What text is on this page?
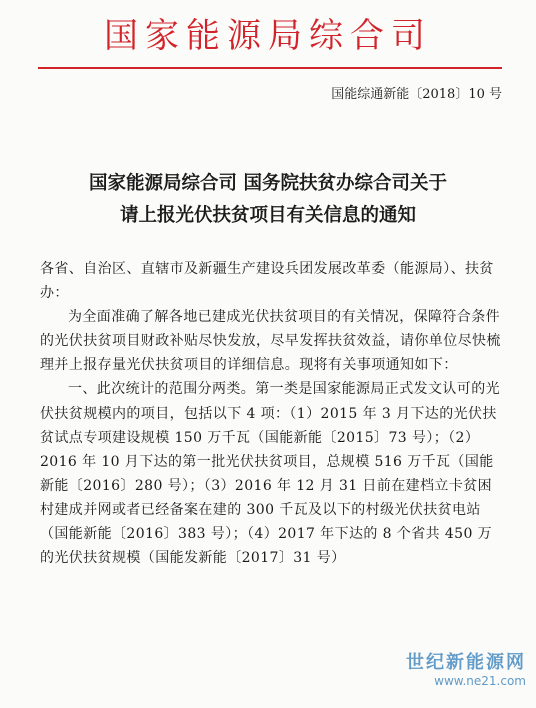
国家能源局综合司
国能综通新能〔2018〕10 号
国家能源局综合司 国务院扶贫办综合司关于
请上报光伏扶贫项目有关信息的通知

各省、自治区、直辖市及新疆生产建设兵团发展改革委（能源局）、扶贫办：

为全面准确了解各地已建成光伏扶贫项目的有关情况，保障符合条件的光伏扶贫项目财政补贴尽快发放，尽早发挥扶贫效益，请你单位尽快梳理并上报存量光伏扶贫项目的详细信息。现将有关事项通知如下：

一、此次统计的范围分两类。第一类是国家能源局正式发文认可的光伏扶贫规模内的项目，包括以下 4 项：（1）2015 年 3 月下达的光伏扶贫试点专项建设规模 150 万千瓦（国能新能〔2015〕73 号）；（2）2016 年 10 月下达的第一批光伏扶贫项目，总规模 516 万千瓦（国能新能〔2016〕280 号）；（3）2016 年 12 月 31 日前在建档立卡贫困村建成并网或者已经备案在建的 300 千瓦及以下的村级光伏扶贫电站（国能新能〔2016〕383 号）；（4）2017 年下达的 8 个省共 450 万的光伏扶贫规模（国能发新能〔2017〕31 号）

世纪新能源网
www.ne21.com
